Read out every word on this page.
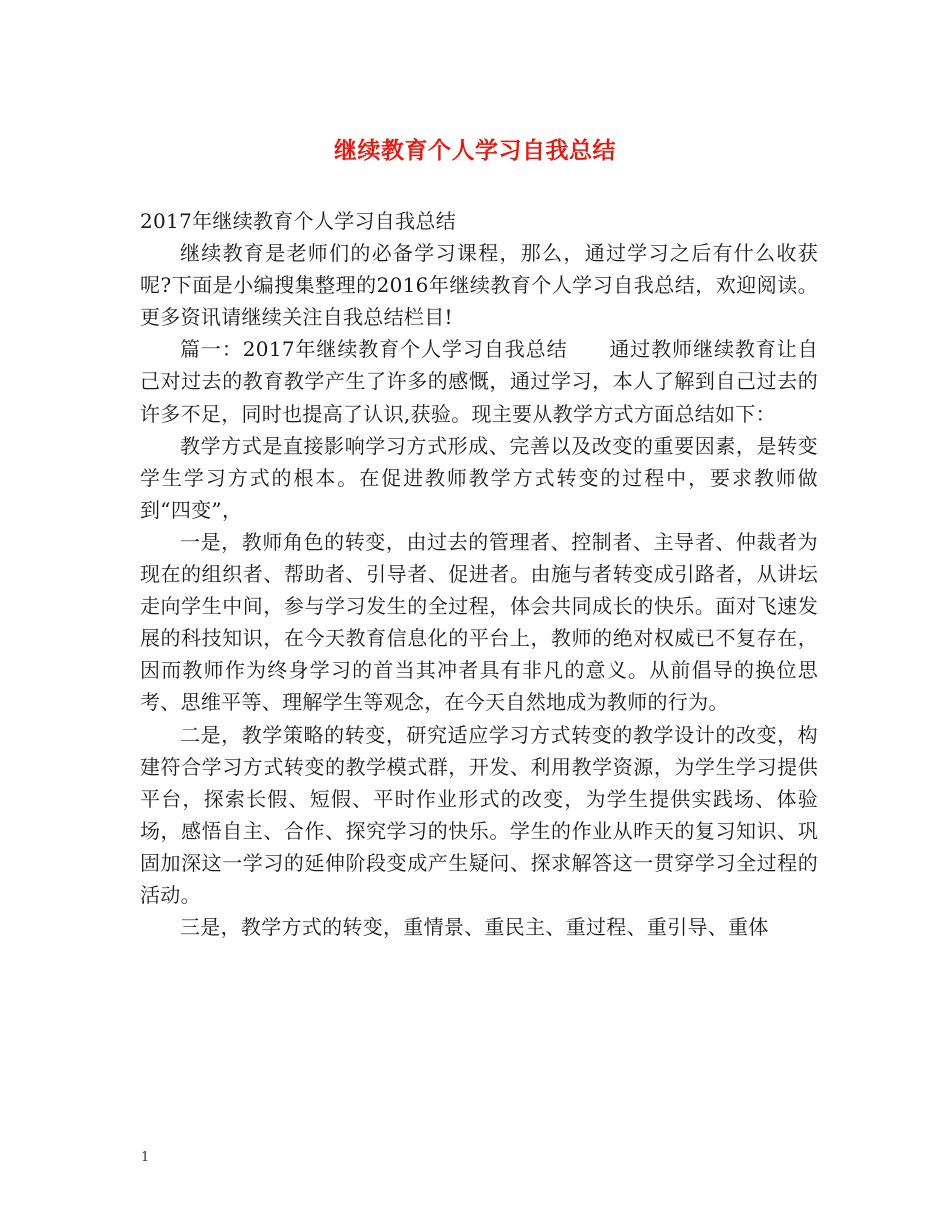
继续教育个人学习自我总结

2017年继续教育个人学习自我总结

继续教育是老师们的必备学习课程，那么，通过学习之后有什么收获呢?下面是小编搜集整理的2016年继续教育个人学习自我总结，欢迎阅读。更多资讯请继续关注自我总结栏目!

篇一：2017年继续教育个人学习自我总结　　通过教师继续教育让自己对过去的教育教学产生了许多的感慨，通过学习，本人了解到自己过去的许多不足，同时也提高了认识,获验。现主要从教学方式方面总结如下：

教学方式是直接影响学习方式形成、完善以及改变的重要因素，是转变学生学习方式的根本。在促进教师教学方式转变的过程中，要求教师做到“四变”，

一是，教师角色的转变，由过去的管理者、控制者、主导者、仲裁者为现在的组织者、帮助者、引导者、促进者。由施与者转变成引路者，从讲坛走向学生中间，参与学习发生的全过程，体会共同成长的快乐。面对飞速发展的科技知识，在今天教育信息化的平台上，教师的绝对权威已不复存在，因而教师作为终身学习的首当其冲者具有非凡的意义。从前倡导的换位思考、思维平等、理解学生等观念，在今天自然地成为教师的行为。

二是，教学策略的转变，研究适应学习方式转变的教学设计的改变，构建符合学习方式转变的教学模式群，开发、利用教学资源，为学生学习提供平台，探索长假、短假、平时作业形式的改变，为学生提供实践场、体验场，感悟自主、合作、探究学习的快乐。学生的作业从昨天的复习知识、巩固加深这一学习的延伸阶段变成产生疑问、探求解答这一贯穿学习全过程的活动。

三是，教学方式的转变，重情景、重民主、重过程、重引导、重体

1
